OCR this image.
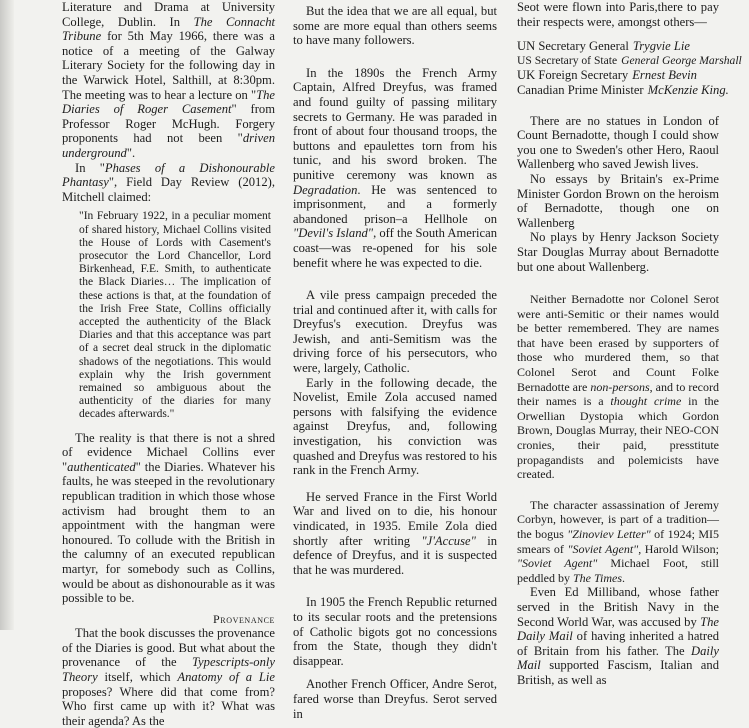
Literature and Drama at University College, Dublin. In The Connacht Tribune for 5th May 1966, there was a notice of a meeting of the Galway Literary Society for the following day in the Warwick Hotel, Salthill, at 8:30pm. The meeting was to hear a lecture on "The Diaries of Roger Casement" from Professor Roger McHugh. Forgery proponents had not been "driven underground".

In "Phases of a Dishonourable Phantasy", Field Day Review (2012), Mitchell claimed:

"In February 1922, in a peculiar moment of shared history, Michael Collins visited the House of Lords with Casement's prosecutor the Lord Chancellor, Lord Birkenhead, F.E. Smith, to authenticate the Black Diaries… The implication of these actions is that, at the foundation of the Irish Free State, Collins officially accepted the authenticity of the Black Diaries and that this acceptance was part of a secret deal struck in the diplomatic shadows of the negotiations. This would explain why the Irish government remained so ambiguous about the authenticity of the diaries for many decades afterwards."

The reality is that there is not a shred of evidence Michael Collins ever "authenticated" the Diaries. Whatever his faults, he was steeped in the revolutionary republican tradition in which those whose activism had brought them to an appointment with the hangman were honoured. To collude with the British in the calumny of an executed republican martyr, for somebody such as Collins, would be about as dishonourable as it was possible to be.

Provenance

That the book discusses the provenance of the Diaries is good. But what about the provenance of the Typescripts-only Theory itself, which Anatomy of a Lie proposes? Where did that come from? Who first came up with it? What was their agenda? As the

But the idea that we are all equal, but some are more equal than others seems to have many followers.

In the 1890s the French Army Captain, Alfred Dreyfus, was framed and found guilty of passing military secrets to Germany. He was paraded in front of about four thousand troops, the buttons and epaulettes torn from his tunic, and his sword broken. The punitive ceremony was known as Degradation. He was sentenced to imprisonment, and a formerly abandoned prison–a Hellhole on "Devil's Island", off the South American coast—was re-opened for his sole benefit where he was expected to die.

A vile press campaign preceded the trial and continued after it, with calls for Dreyfus's execution. Dreyfus was Jewish, and anti-Semitism was the driving force of his persecutors, who were, largely, Catholic.

Early in the following decade, the Novelist, Emile Zola accused named persons with falsifying the evidence against Dreyfus, and, following investigation, his conviction was quashed and Dreyfus was restored to his rank in the French Army.

He served France in the First World War and lived on to die, his honour vindicated, in 1935. Emile Zola died shortly after writing "J'Accuse" in defence of Dreyfus, and it is suspected that he was murdered.

In 1905 the French Republic returned to its secular roots and the pretensions of Catholic bigots got no concessions from the State, though they didn't disappear.

Another French Officer, Andre Serot, fared worse than Dreyfus. Serot served in

Seot were flown into Paris,there to pay their respects were, amongst others—

UN Secretary General Trygvie Lie

US Secretary of State General George Marshall

UK Foreign Secretary Ernest Bevin

Canadian Prime Minister McKenzie King.

There are no statues in London of Count Bernadotte, though I could show you one to Sweden's other Hero, Raoul Wallenberg who saved Jewish lives.

No essays by Britain's ex-Prime Minister Gordon Brown on the heroism of Bernadotte, though one on Wallenberg

No plays by Henry Jackson Society Star Douglas Murray about Bernadotte but one about Wallenberg.

Neither Bernadotte nor Colonel Serot were anti-Semitic or their names would be better remembered. They are names that have been erased by supporters of those who murdered them, so that Colonel Serot and Count Folke Bernadotte are non-persons, and to record their names is a thought crime in the Orwellian Dystopia which Gordon Brown, Douglas Murray, their NEO-CON cronies, their paid, presstitute propagandists and polemicists have created.

The character assassination of Jeremy Corbyn, however, is part of a tradition—the bogus "Zinoviev Letter" of 1924; MI5 smears of "Soviet Agent", Harold Wilson; "Soviet Agent" Michael Foot, still peddled by The Times.

Even Ed Milliband, whose father served in the British Navy in the Second World War, was accused by The Daily Mail of having inherited a hatred of Britain from his father. The Daily Mail supported Fascism, Italian and British, as well as
